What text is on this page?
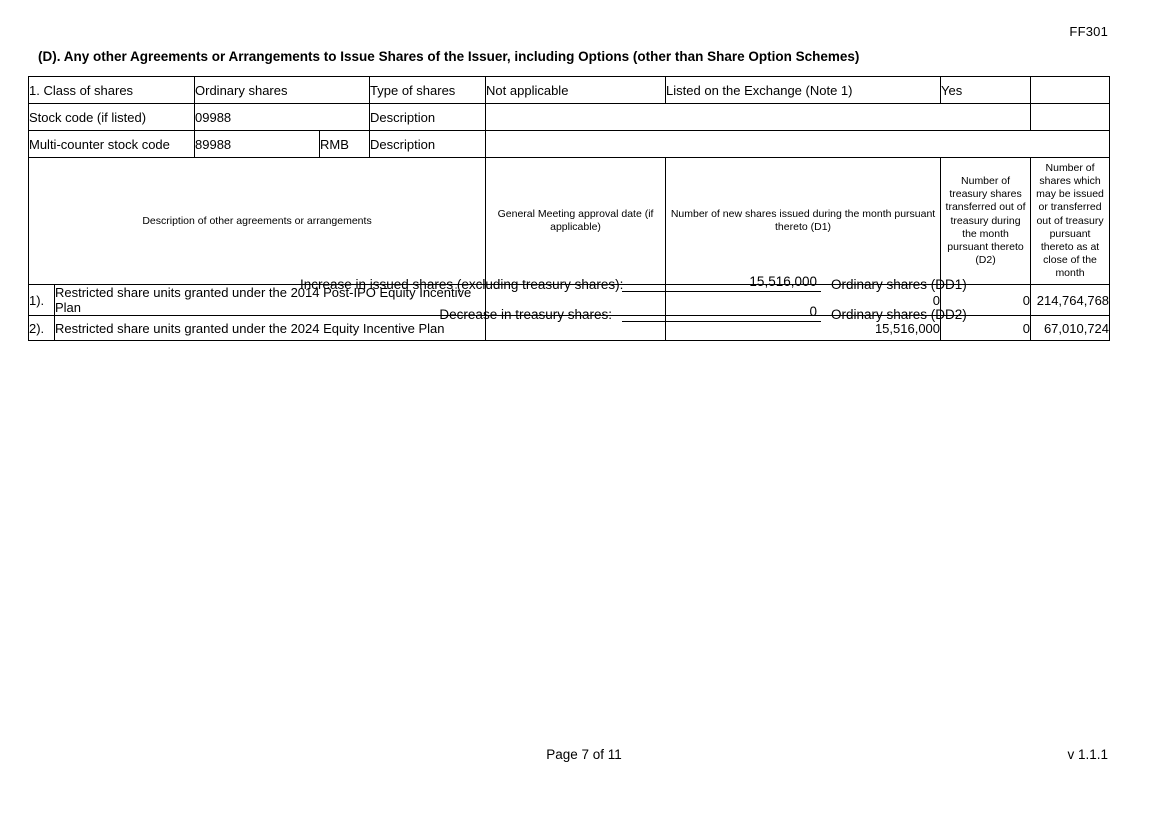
FF301
(D). Any other Agreements or Arrangements to Issue Shares of the Issuer, including Options (other than Share Option Schemes)
1. Class of shares		Ordinary shares		Type of shares	Not applicable	Listed on the Exchange (Note 1)	Yes	
Stock code (if listed)		09988		Description				
Multi-counter stock code		89988	RMB	Description				
Description of other agreements or arrangements					General Meeting approval date (if applicable)	Number of new shares issued during the month pursuant thereto (D1)	Number of treasury shares transferred out of treasury during the month pursuant thereto (D2)	Number of shares which may be issued or transferred out of treasury pursuant thereto as at close of the month
1).	Restricted share units granted under the 2014 Post-IPO Equity Incentive Plan					0	0	214,764,768
2).	Restricted share units granted under the 2024 Equity Incentive Plan					15,516,000	0	67,010,724
Increase in issued shares (excluding treasury shares):	15,516,000	Ordinary shares (DD1)
Decrease in treasury shares:	0	Ordinary shares (DD2)
Page 7 of 11	v 1.1.1
